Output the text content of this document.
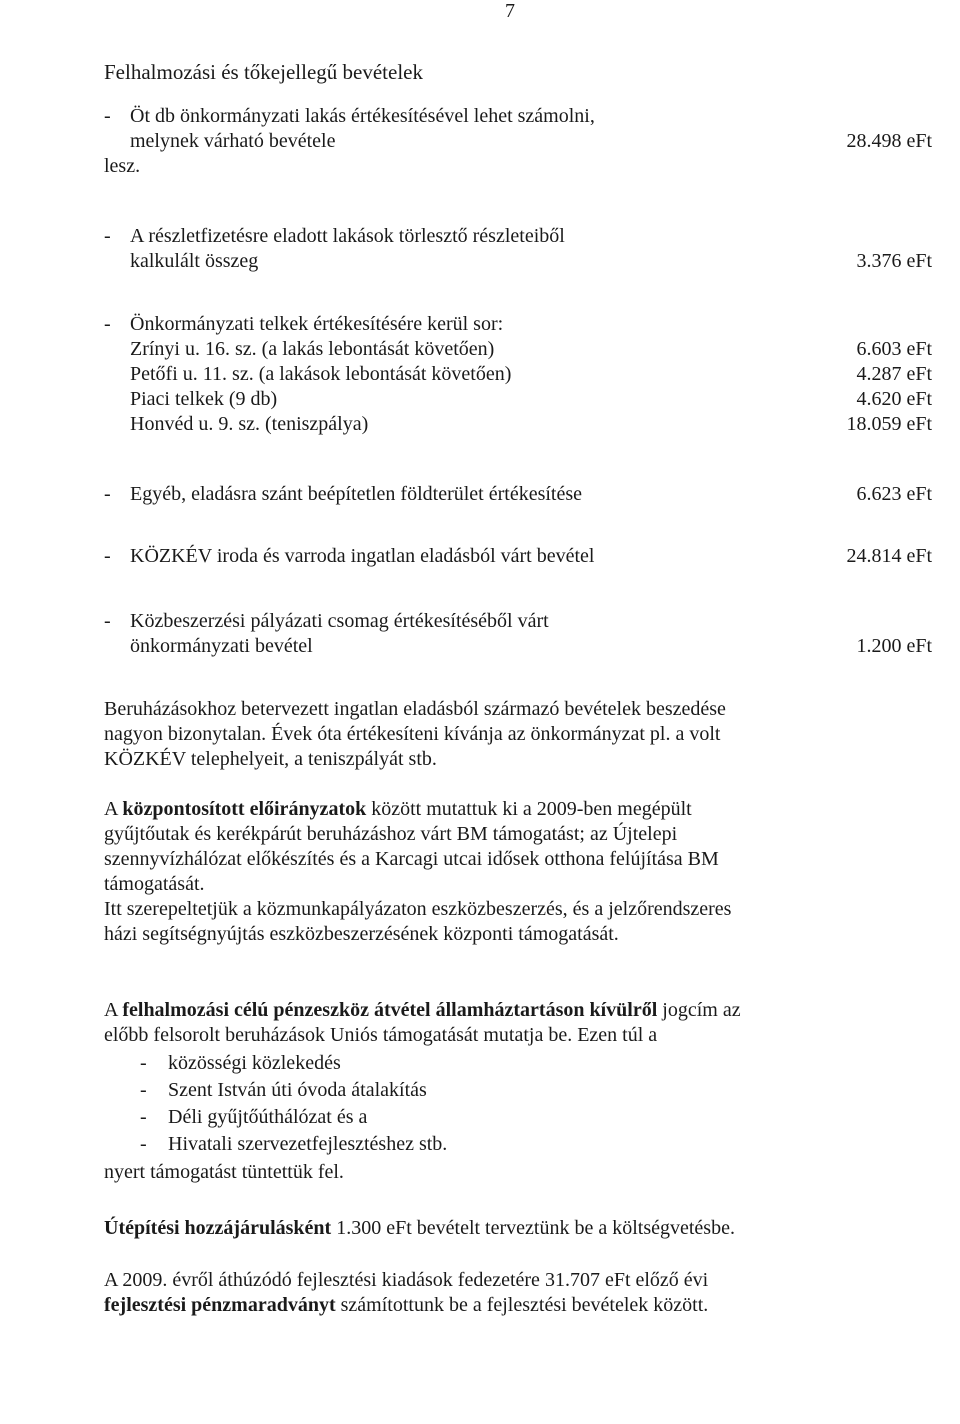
7
Felhalmozási és tőkejellegű bevételek
- Öt db önkormányzati lakás értékesítésével lehet számolni,
melynek várható bevétele	28.498 eFt
lesz.
- A részletfizetésre eladott lakások törlesztő részleteiből
kalkulált összeg	3.376 eFt
- Önkormányzati telkek értékesítésére kerül sor:
Zrínyi u. 16. sz. (a lakás lebontását követően)	6.603 eFt
Petőfi u. 11. sz. (a lakások lebontását követően)	4.287 eFt
Piaci telkek (9 db)	4.620 eFt
Honvéd u. 9. sz. (teniszpálya)	18.059 eFt
- Egyéb, eladásra szánt beépítetlen földterület értékesítése	6.623 eFt
- KÖZKÉV iroda és varroda ingatlan eladásból várt bevétel	24.814 eFt
- Közbeszerzési pályázati csomag értékesítéséből várt
önkormányzati bevétel	1.200 eFt
Beruházásokhoz betervezett ingatlan eladásból származó bevételek beszedése
nagyon bizonytalan. Évek óta értékesíteni kívánja az önkormányzat pl. a volt
KÖZKÉV telephelyeit, a teniszpályát stb.
A központosított előirányzatok között mutattuk ki a 2009-ben megépült
gyűjtőutak és kerékpárút beruházáshoz várt BM támogatást; az Újtelepi
szennyvízhálózat előkészítés és a Karcagi utcai idősek otthona felújítása BM
támogatását.
Itt szerepeltetjük a közmunkapályázaton eszközbeszerzés, és a jelzőrendszeres
házi segítségnyújtás eszközbeszerzésének központi támogatását.
A felhalmozási célú pénzeszköz átvétel államháztartáson kívülről jogcím az
előbb felsorolt beruházások Uniós támogatását mutatja be. Ezen túl a
-	közösségi közlekedés
-	Szent István úti óvoda átalakítás
-	Déli gyűjtőúthálózat és a
-	Hivatali szervezetfejlesztéshez stb.
nyert támogatást tüntettük fel.
Útépítési hozzájárulásként 1.300 eFt bevételt terveztünk be a költségvetésbe.
A 2009. évről áthúzódó fejlesztési kiadások fedezetére 31.707 eFt előző évi
fejlesztési pénzmaradványt számítottunk be a fejlesztési bevételek között.
